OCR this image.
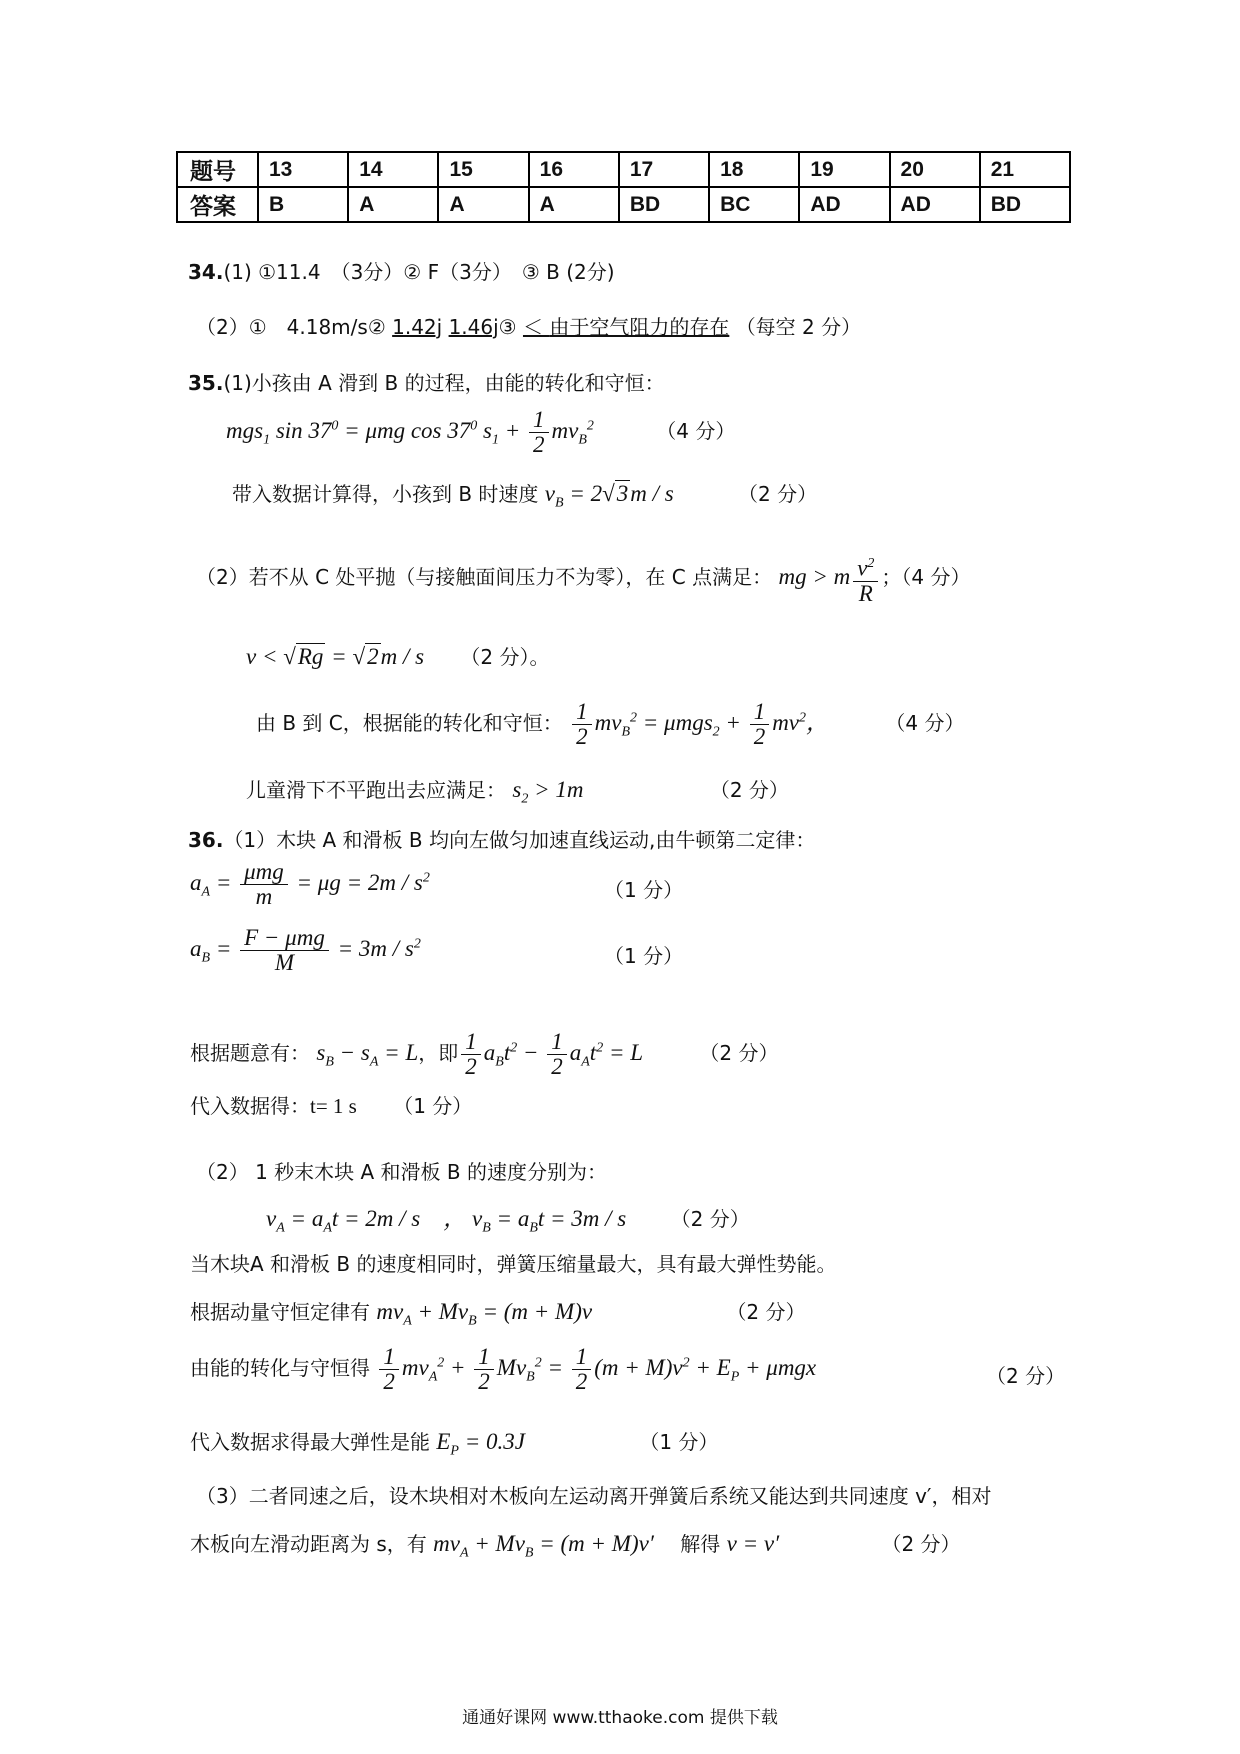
题号	13	14	15	16	17	18	19	20	21
答案	B	A	A	A	BD	BC	AD	AD	BD
34.(1) ①11.4　（3分）② F（3分）　③ B (2分)
（2）①　4.18m/s② 1.42j 1.46j③ ＜ 由于空气阻力的存在 （每空 2 分）
35.(1)小孩由 A 滑到 B 的过程，由能的转化和守恒：
mgs$_1$ $\sin 37^0 = \mu mg$ $\cos 37^0$ $s_1 + \frac{1}{2} mv_B^2$	（4 分）
带入数据计算得，小孩到 B 时速度 $v_B = 2√3m / s$	（2 分）
（2）若不从 C 处平抛（与接触面间压力不为零），在 C 点满足： mg > m $\frac{v^2}{R}$ ；（4 分）
v < √Rg = √2m / s （2 分）。
由 B 到 C，根据能的转化和守恒： $\frac{1}{2} mv_B^2 = \mu mgs_2 + \frac{1}{2} mv^2$，	（4 分）
儿童滑下不平跑出去应满足： $s_2 > 1m$	（2 分）
36.（1）木块 A 和滑板 B 均向左做匀加速直线运动,由牛顿第二定律：
$a_A = \frac{\text{μmg}}{m} = \mu g = 2m / s^2$
（1 分）
$a_B = \frac{\text{F − μmg}}{M} = 3m / s^2$
（1 分）
根据题意有： $s_B - s_A = L$，即 $\frac{1}{2} a_Bt^2 - \frac{1}{2} a_At^2 = L$	（2 分）
代入数据得：t= 1 s （1 分）
（2） 1 秒末木块 A 和滑板 B 的速度分别为：
$v_A = a_At = 2m / s$　， $v_B = a_Bt = 3m / s$ （2 分）
当木块A 和滑板 B 的速度相同时，弹簧压缩量最大，具有最大弹性势能。
根据动量守恒定律有 $mv_A + Mv_B = (m + M)v$	（2 分）
由能的转化与守恒得 $\frac{1}{2} mv_A^2 + \frac{1}{2} Mv_B^2 = \frac{1}{2} (m + M)v^2 + E_P + \mu mgx$	（2 分）
代入数据求得最大弹性是能 $E_P = 0.3J$	（1 分）
（3）二者同速之后，设木块相对木板向左运动离开弹簧后系统又能达到共同速度 v′，相对
木板向左滑动距离为 s，有 $mv_A + Mv_B = (m + M)v'$ 解得 v = v′	（2 分）
通通好课网 www.tthaoke.com 提供下载
